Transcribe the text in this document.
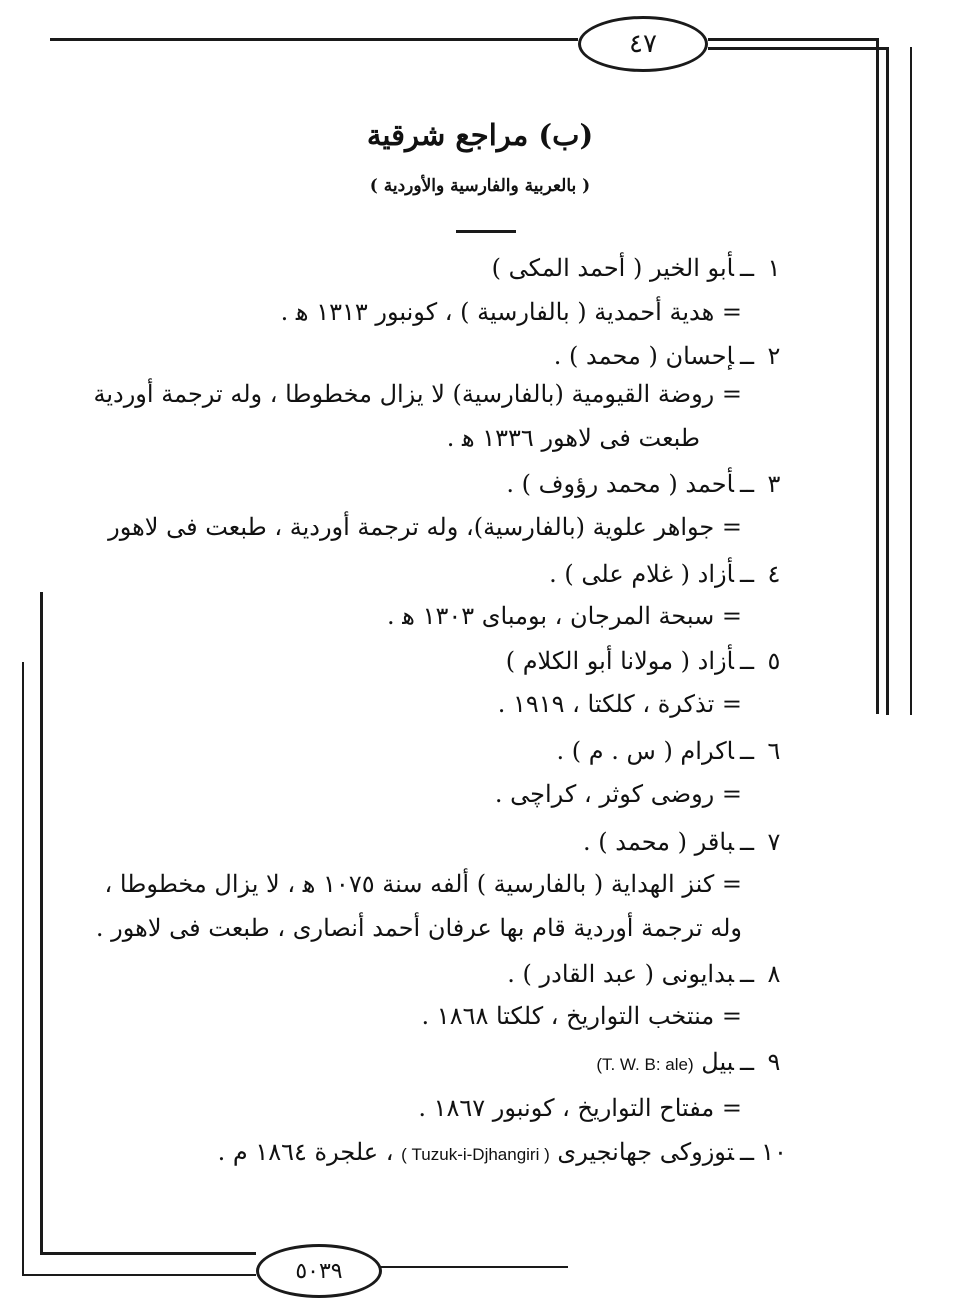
٤٧
(ب) مراجع شرقية
( بالعربية والفارسية والأوردية )
١ــأبو الخير ( أحمد المكى )
= هدية أحمدية ( بالفارسية ) ، كونبور ١٣١٣ ﻫ .
٢ــإحسان ( محمد ) .
= روضة القيومية (بالفارسية) لا يزال مخطوطا ، وله ترجمة أوردية
طبعت فى لاهور ١٣٣٦ ﻫ .
٣ــأحمد ( محمد رؤوف ) .
= جواهر علوية (بالفارسية)، وله ترجمة أوردية ، طبعت فى لاهور
٤ــأزاد ( غلام على ) .
= سبحة المرجان ، بومباى ١٣٠٣ ﻫ .
٥ــأزاد ( مولانا أبو الكلام )
= تذكرة ، كلكتا ، ١٩١٩ .
٦ــاكرام ( س . م ) .
= روضى كوثر ، كراچى .
٧ــباقر ( محمد ) .
= كنز الهداية ( بالفارسية ) ألفه سنة ١٠٧٥ ﻫ ، لا يزال مخطوطا ،
وله ترجمة أوردية قام بها عرفان أحمد أنصارى ، طبعت فى لاهور .
٨ــبدايونى ( عبد القادر ) .
= منتخب التواريخ ، كلكتا ١٨٦٨ .
٩ــبيل (T. W. B: ale)
= مفتاح التواريخ ، كونبور ١٨٦٧ .
١٠ــتوزوكى جهانجيرى ( Tuzuk-i-Djhangiri ) ، علجرة ١٨٦٤ م .
٥٠٣٩
